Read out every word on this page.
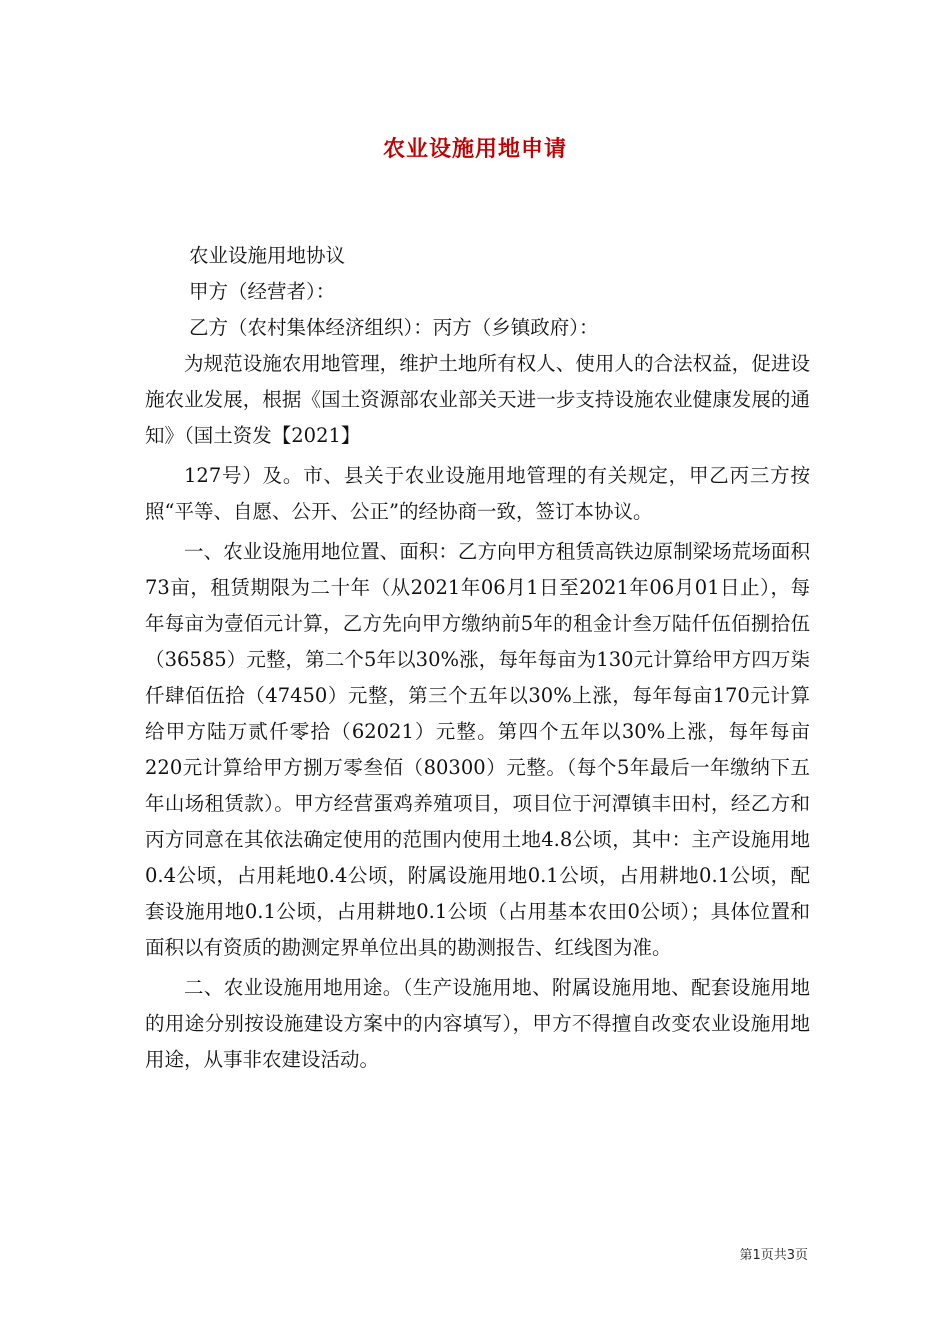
农业设施用地申请

农业设施用地协议

甲方（经营者）：

乙方（农村集体经济组织）：丙方（乡镇政府）：

为规范设施农用地管理，维护土地所有权人、使用人的合法权益，促进设施农业发展，根据《国土资源部农业部关天进一步支持设施农业健康发展的通知》（国土资发【2021】

127号）及。市、县关于农业设施用地管理的有关规定，甲乙丙三方按照“平等、自愿、公开、公正”的经协商一致，签订本协议。

一、农业设施用地位置、面积：乙方向甲方租赁高铁边原制梁场荒场面积73亩，租赁期限为二十年（从2021年06月1日至2021年06月01日止），每年每亩为壹佰元计算，乙方先向甲方缴纳前5年的租金计叁万陆仟伍佰捌拾伍（36585）元整，第二个5年以30%涨，每年每亩为130元计算给甲方四万柒仟肆佰伍拾（47450）元整，第三个五年以30%上涨，每年每亩170元计算给甲方陆万贰仟零拾（62021）元整。第四个五年以30%上涨，每年每亩220元计算给甲方捌万零叁佰（80300）元整。（每个5年最后一年缴纳下五年山场租赁款）。甲方经营蛋鸡养殖项目，项目位于河潭镇丰田村，经乙方和丙方同意在其依法确定使用的范围内使用土地4.8公顷，其中：主产设施用地0.4公顷，占用耗地0.4公顷，附属设施用地0.1公顷，占用耕地0.1公顷，配套设施用地0.1公顷，占用耕地0.1公顷（占用基本农田0公顷）；具体位置和面积以有资质的勘测定界单位出具的勘测报告、红线图为准。

二、农业设施用地用途。（生产设施用地、附属设施用地、配套设施用地的用途分别按设施建设方案中的内容填写），甲方不得擅自改变农业设施用地用途，从事非农建设活动。

第1页共3页
